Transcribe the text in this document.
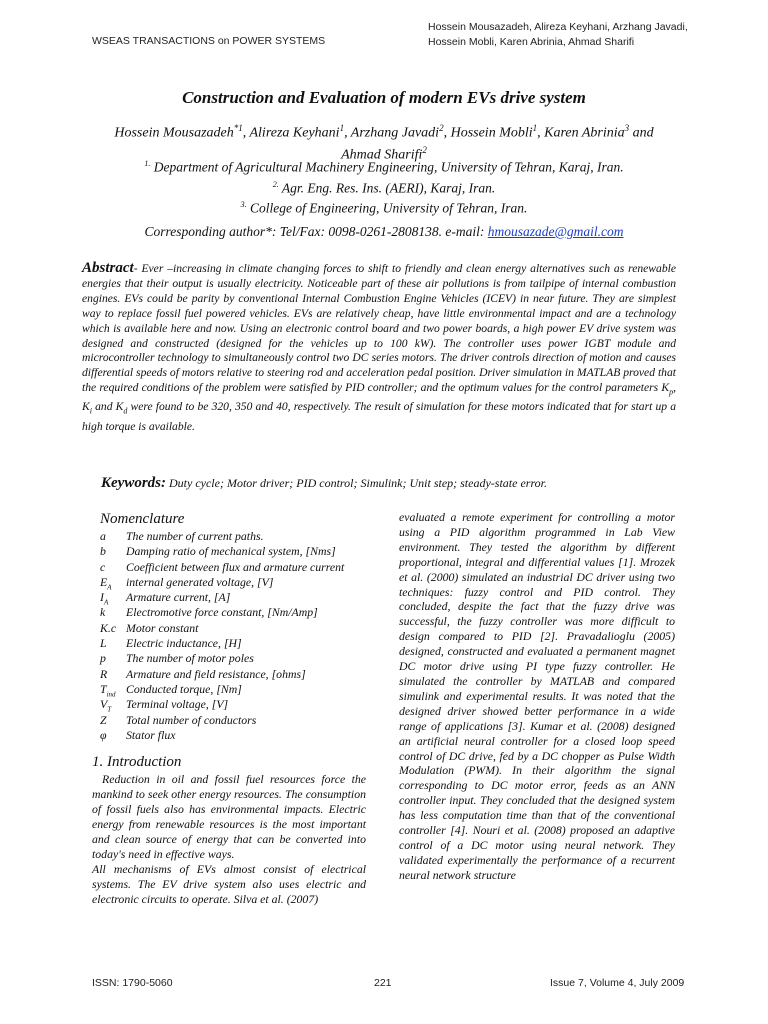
WSEAS TRANSACTIONS on POWER SYSTEMS
Hossein Mousazadeh, Alireza Keyhani, Arzhang Javadi,
Hossein Mobli, Karen Abrinia, Ahmad Sharifi
Construction and Evaluation of modern EVs drive system
Hossein Mousazadeh$^{*1}$, Alireza Keyhani$^1$, Arzhang Javadi$^2$, Hossein Mobli$^1$, Karen Abrinia$^3$ and Ahmad Sharifi$^2$
$^{1.}$ Department of Agricultural Machinery Engineering, University of Tehran, Karaj, Iran.
$^{2.}$ Agr. Eng. Res. Ins. (AERI), Karaj, Iran.
$^{3.}$ College of Engineering, University of Tehran, Iran.
Corresponding author*: Tel/Fax: 0098-0261-2808138. e-mail: hmousazade@gmail.com
Abstract- Ever –increasing in climate changing forces to shift to friendly and clean energy alternatives such as renewable energies that their output is usually electricity. Noticeable part of these air pollutions is from tailpipe of internal combustion engines. EVs could be parity by conventional Internal Combustion Engine Vehicles (ICEV) in near future. They are simplest way to replace fossil fuel powered vehicles. EVs are relatively cheap, have little environmental impact and are a technology which is available here and now. Using an electronic control board and two power boards, a high power EV drive system was designed and constructed (designed for the vehicles up to 100 kW). The controller uses power IGBT module and microcontroller technology to simultaneously control two DC series motors. The driver controls direction of motion and causes differential speeds of motors relative to steering rod and acceleration pedal position. Driver simulation in MATLAB proved that the required conditions of the problem were satisfied by PID controller; and the optimum values for the control parameters $K_p$, $K_i$ and $K_d$ were found to be 320, 350 and 40, respectively. The result of simulation for these motors indicated that for start up a high torque is available.
Keywords: Duty cycle; Motor driver; PID control; Simulink; Unit step; steady-state error.
Nomenclature
a	The number of current paths.
b	Damping ratio of mechanical system, [Nms]
c	Coefficient between flux and armature current
$E_A$	internal generated voltage, [V]
$I_A$	Armature current, [A]
k	Electromotive force constant, [Nm/Amp]
K.c Motor constant
L	Electric inductance, [H]
p	The number of motor poles
R	Armature and field resistance, [ohms]
$T_{ind}$ Conducted torque, [Nm]
$V_T$	Terminal voltage, [V]
Z	Total number of conductors
φ	Stator flux
1. Introduction
Reduction in oil and fossil fuel resources force the mankind to seek other energy resources. The consumption of fossil fuels also has environmental impacts. Electric energy from renewable resources is the most important and clean source of energy that can be converted into today's need in effective ways.
All mechanisms of EVs almost consist of electrical systems. The EV drive system also uses electric and electronic circuits to operate. Silva et al. (2007)
evaluated a remote experiment for controlling a motor using a PID algorithm programmed in Lab View environment. They tested the algorithm by different proportional, integral and differential values [1]. Mrozek et al. (2000) simulated an industrial DC driver using two techniques: fuzzy control and PID control. They concluded, despite the fact that the fuzzy drive was successful, the fuzzy controller was more difficult to design compared to PID [2]. Pravadalioglu (2005) designed, constructed and evaluated a permanent magnet DC motor drive using PI type fuzzy controller. He simulated the controller by MATLAB and compared simulink and experimental results. It was noted that the designed driver showed better performance in a wide range of applications [3]. Kumar et al. (2008) designed an artificial neural controller for a closed loop speed control of DC drive, fed by a DC chopper as Pulse Width Modulation (PWM). In their algorithm the signal corresponding to DC motor error, feeds as an ANN controller input. They concluded that the designed system has less computation time than that of the conventional controller [4]. Nouri et al. (2008) proposed an adaptive control of a DC motor using neural network. They validated experimentally the performance of a recurrent neural network structure
ISSN: 1790-5060	221	Issue 7, Volume 4, July 2009
